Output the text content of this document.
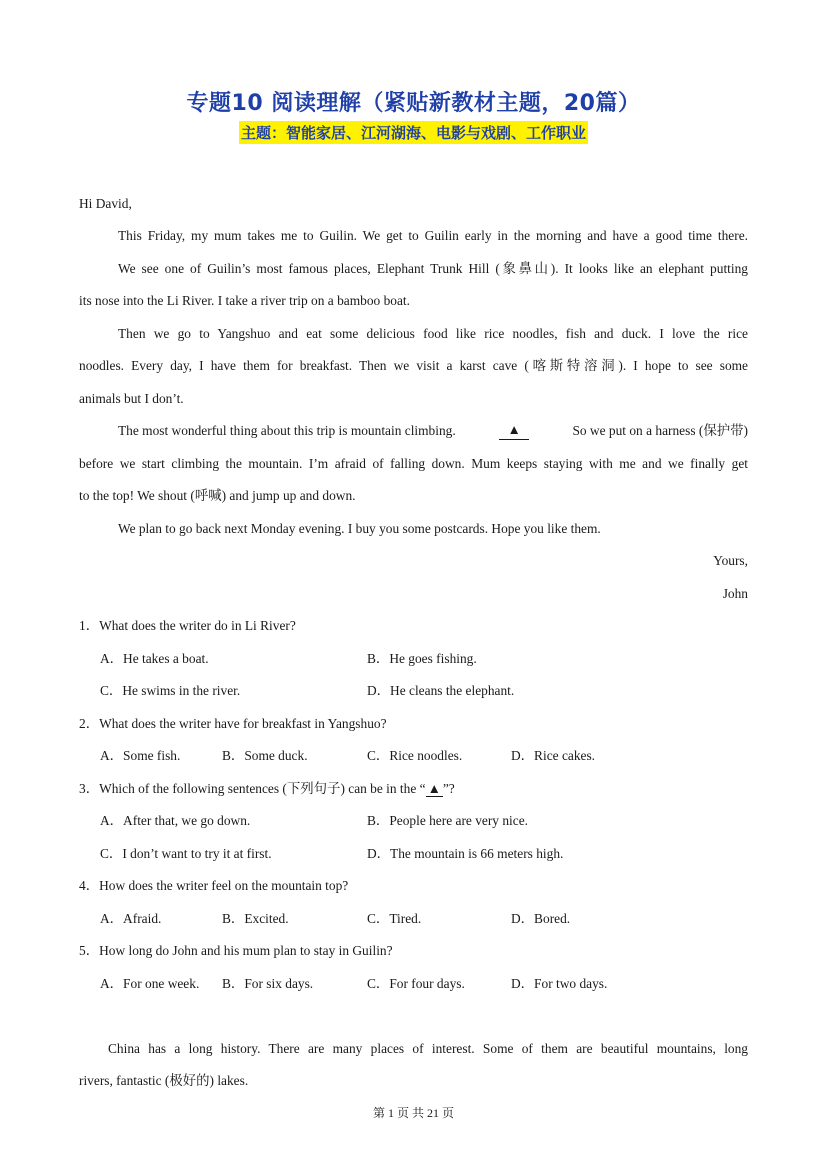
专题10 阅读理解（紧贴新教材主题，20篇）
主题：智能家居、江河湖海、电影与戏剧、工作职业
Hi David,
This Friday, my mum takes me to Guilin. We get to Guilin early in the morning and have a good time there.
We see one of Guilin’s most famous places, Elephant Trunk Hill (象鼻山). It looks like an elephant putting
its nose into the Li River. I take a river trip on a bamboo boat.
Then we go to Yangshuo and eat some delicious food like rice noodles, fish and duck. I love the rice
noodles. Every day, I have them for breakfast. Then we visit a karst cave (喀斯特溶洞). I hope to see some
animals but I don’t.
The most wonderful thing about this trip is mountain climbing.	▲	So we put on a harness (保护带)
before we start climbing the mountain. I’m afraid of falling down. Mum keeps staying with me and we finally get
to the top! We shout (呼喊) and jump up and down.
We plan to go back next Monday evening. I buy you some postcards. Hope you like them.
Yours,
John
1．What does the writer do in Li River?
A．He takes a boat.	B．He goes fishing.
C．He swims in the river.	D．He cleans the elephant.
2．What does the writer have for breakfast in Yangshuo?
A．Some fish.	B．Some duck.	C．Rice noodles.	D．Rice cakes.
3．Which of the following sentences (下列句子) can be in the “ ▲ ”?
A．After that, we go down.	B．People here are very nice.
C．I don’t want to try it at first.	D．The mountain is 66 meters high.
4．How does the writer feel on the mountain top?
A．Afraid.	B．Excited.	C．Tired.	D．Bored.
5．How long do John and his mum plan to stay in Guilin?
A．For one week. B．For six days.	C．For four days.	D．For two days.
China has a long history. There are many places of interest. Some of them are beautiful mountains, long
rivers, fantastic (极好的) lakes.
第 1 页 共 21 页
